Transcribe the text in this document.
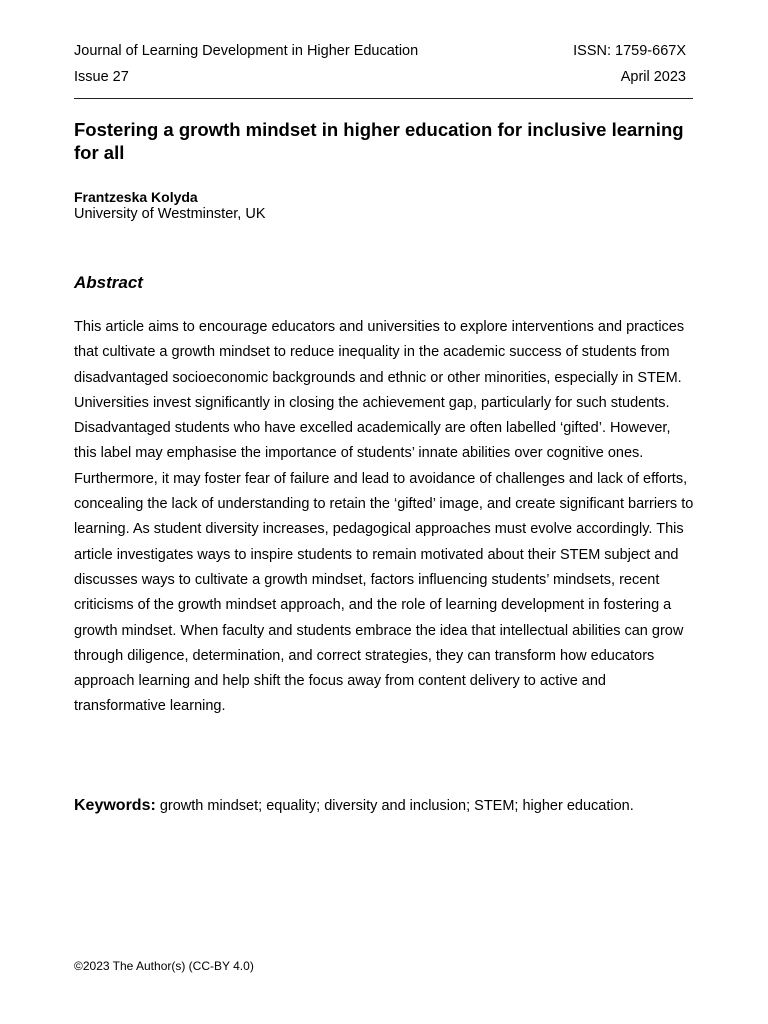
Journal of Learning Development in Higher Education	ISSN: 1759-667X
Issue 27	April 2023
Fostering a growth mindset in higher education for inclusive learning for all
Frantzeska Kolyda
University of Westminster, UK
Abstract

This article aims to encourage educators and universities to explore interventions and practices that cultivate a growth mindset to reduce inequality in the academic success of students from disadvantaged socioeconomic backgrounds and ethnic or other minorities, especially in STEM. Universities invest significantly in closing the achievement gap, particularly for such students. Disadvantaged students who have excelled academically are often labelled ‘gifted’. However, this label may emphasise the importance of students’ innate abilities over cognitive ones. Furthermore, it may foster fear of failure and lead to avoidance of challenges and lack of efforts, concealing the lack of understanding to retain the ‘gifted’ image, and create significant barriers to learning. As student diversity increases, pedagogical approaches must evolve accordingly. This article investigates ways to inspire students to remain motivated about their STEM subject and discusses ways to cultivate a growth mindset, factors influencing students’ mindsets, recent criticisms of the growth mindset approach, and the role of learning development in fostering a growth mindset. When faculty and students embrace the idea that intellectual abilities can grow through diligence, determination, and correct strategies, they can transform how educators approach learning and help shift the focus away from content delivery to active and transformative learning.

Keywords: growth mindset; equality; diversity and inclusion; STEM; higher education.
©2023 The Author(s) (CC-BY 4.0)
